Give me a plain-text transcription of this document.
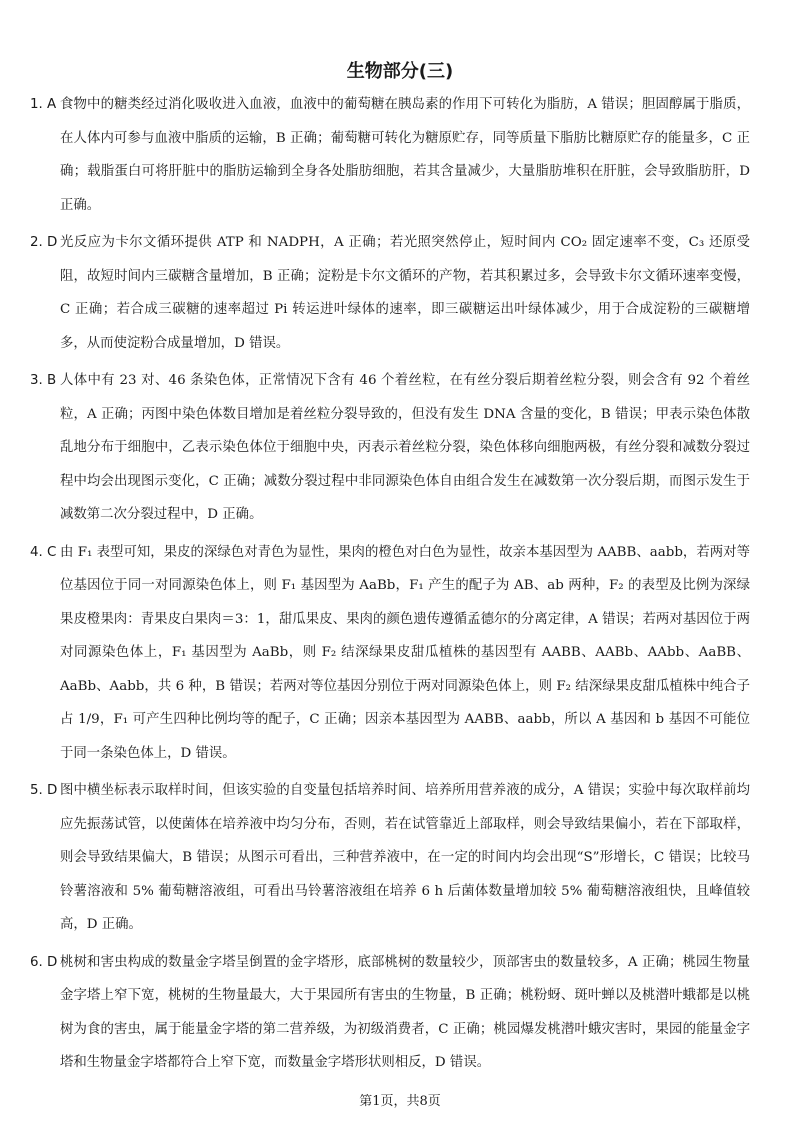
生物部分(三)
1. A 食物中的糖类经过消化吸收进入血液，血液中的葡萄糖在胰岛素的作用下可转化为脂肪，A 错误；胆固醇属于脂质，在人体内可参与血液中脂质的运输，B 正确；葡萄糖可转化为糖原贮存，同等质量下脂肪比糖原贮存的能量多，C 正确；载脂蛋白可将肝脏中的脂肪运输到全身各处脂肪细胞，若其含量减少，大量脂肪堆积在肝脏，会导致脂肪肝，D 正确。
2. D 光反应为卡尔文循环提供 ATP 和 NADPH，A 正确；若光照突然停止，短时间内 CO₂ 固定速率不变，C₃ 还原受阻，故短时间内三碳糖含量增加，B 正确；淀粉是卡尔文循环的产物，若其积累过多，会导致卡尔文循环速率变慢，C 正确；若合成三碳糖的速率超过 Pi 转运进叶绿体的速率，即三碳糖运出叶绿体减少，用于合成淀粉的三碳糖增多，从而使淀粉合成量增加，D 错误。
3. B 人体中有 23 对、46 条染色体，正常情况下含有 46 个着丝粒，在有丝分裂后期着丝粒分裂，则会含有 92 个着丝粒，A 正确；丙图中染色体数目增加是着丝粒分裂导致的，但没有发生 DNA 含量的变化，B 错误；甲表示染色体散乱地分布于细胞中，乙表示染色体位于细胞中央，丙表示着丝粒分裂，染色体移向细胞两极，有丝分裂和减数分裂过程中均会出现图示变化，C 正确；减数分裂过程中非同源染色体自由组合发生在减数第一次分裂后期，而图示发生于减数第二次分裂过程中，D 正确。
4. C 由 F₁ 表型可知，果皮的深绿色对青色为显性，果肉的橙色对白色为显性，故亲本基因型为 AABB、aabb，若两对等位基因位于同一对同源染色体上，则 F₁ 基因型为 AaBb，F₁ 产生的配子为 AB、ab 两种，F₂ 的表型及比例为深绿果皮橙果肉：青果皮白果肉＝3：1，甜瓜果皮、果肉的颜色遗传遵循孟德尔的分离定律，A 错误；若两对基因位于两对同源染色体上，F₁ 基因型为 AaBb，则 F₂ 结深绿果皮甜瓜植株的基因型有 AABB、AABb、AAbb、AaBB、AaBb、Aabb，共 6 种，B 错误；若两对等位基因分别位于两对同源染色体上，则 F₂ 结深绿果皮甜瓜植株中纯合子占 1/9，F₁ 可产生四种比例均等的配子，C 正确；因亲本基因型为 AABB、aabb，所以 A 基因和 b 基因不可能位于同一条染色体上，D 错误。
5. D 图中横坐标表示取样时间，但该实验的自变量包括培养时间、培养所用营养液的成分，A 错误；实验中每次取样前均应先振荡试管，以使菌体在培养液中均匀分布，否则，若在试管靠近上部取样，则会导致结果偏小，若在下部取样，则会导致结果偏大，B 错误；从图示可看出，三种营养液中，在一定的时间内均会出现“S”形增长，C 错误；比较马铃薯溶液和 5% 葡萄糖溶液组，可看出马铃薯溶液组在培养 6 h 后菌体数量增加较 5% 葡萄糖溶液组快，且峰值较高，D 正确。
6. D 桃树和害虫构成的数量金字塔呈倒置的金字塔形，底部桃树的数量较少，顶部害虫的数量较多，A 正确；桃园生物量金字塔上窄下宽，桃树的生物量最大，大于果园所有害虫的生物量，B 正确；桃粉蚜、斑叶蝉以及桃潜叶蛾都是以桃树为食的害虫，属于能量金字塔的第二营养级，为初级消费者，C 正确；桃园爆发桃潜叶蛾灾害时，果园的能量金字塔和生物量金字塔都符合上窄下宽，而数量金字塔形状则相反，D 错误。
第1页，共8页
